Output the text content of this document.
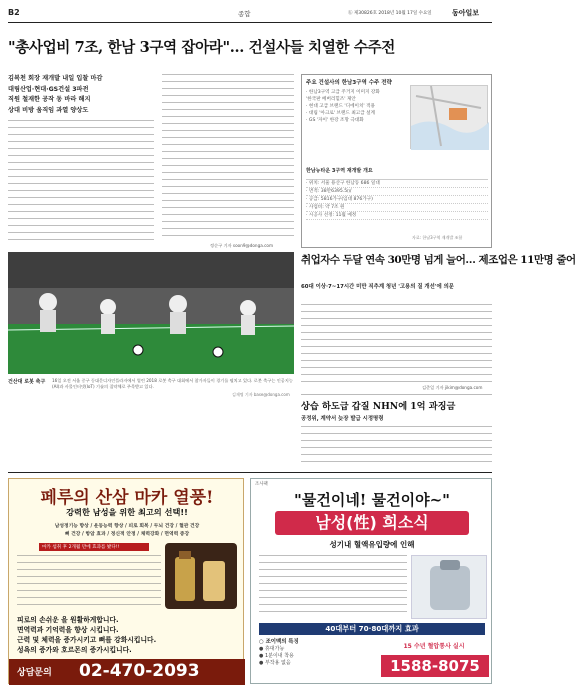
B2	종합	ⓑ 제30826호 2018년 10월 17일 수요일	동아일보
"총사업비 7조, 한남 3구역 잡아라"… 건설사들 치열한 수주전
김복천 회장 재개발 내일 입찰 마감
대림산업·현대·GS건설 3파전
직원 철재한 공작 동 바라 해지
상대 비방 움직임 과열 양상도
정순구 기자 soon9@donga.com
주요 건설사의 한남3구역 수주 전략
· 한남3구역 고급 주거지 이미지 강화
'한국판 베버리힐즈' 제안
· 현대 고급 브랜드 '디에이치' 적용
· 대림 '아크로' 브랜드 최고급 설계
· GS '자이' 한강 조망 극대화
한남뉴타운 3구역 재개발 개요
· 위치: 서울 용산구 한남동 686 일대
· 면적: 38만6395.5㎡
· 공급: 5816가구(임대 876가구)
· 사업비: 약 7조 원
· 시공사 선정: 11월 예정
자료: 한남3구역 재개발 조합
건산대 로봇 축구 16일 오전 서울 중구 동대문디자인플라자에서 열린 2018 로봇 축구 대회에서 참가자들이 경기를 펼치고 있다. 로봇 축구는 인공지능(AI)과 사물인터넷(IoT) 기술의 집약체로 주목받고 있다.
김재명 기자 base@donga.com
취업자수 두달 연속 30만명 넘게 늘어… 제조업은 11만명 줄어
60대 이상·7~17시간 미만 직추계 청년 '고용의 질 개선'에 의문
김준일 기자 jikim@donga.com
상습 하도급 갑질 NHN에 1억 과징금
공정위, 계약서 늦장 발급 시정명령
페루의 산삼 마카 열풍!
강력한 남성을 위한 최고의 선택!!
남성정기능 향상 / 운동능력 향상 / 피로 회복 / 두뇌 건강 / 혈관 건강
뼈 건강 / 항암 효과 / 정신적 안정 / 체력강화 / 면역력 증강
마카 섭취 후 2개월 만에 효과를 봤다!!
피로의 손쉬운 을 원활하게합니다.
면역력과 기억력을 향상 시킵니다.
근력 및 체력을 증가시키고 뼈를 강화시킵니다.
성욕의 증가와 호르몬의 증가시킵니다.
상담문의 02-470-2093
조사팩
"물건이네! 물건이야~"
남성(性) 희소식
성기내 혈액유입량에 인해
40대부터 70·80대까지 효과
○ 조이맥의 특징
● 휴대가능
● 1분이내 착용
● 부작용 없음
15 수년 혈압통사 실시
1588-8075
